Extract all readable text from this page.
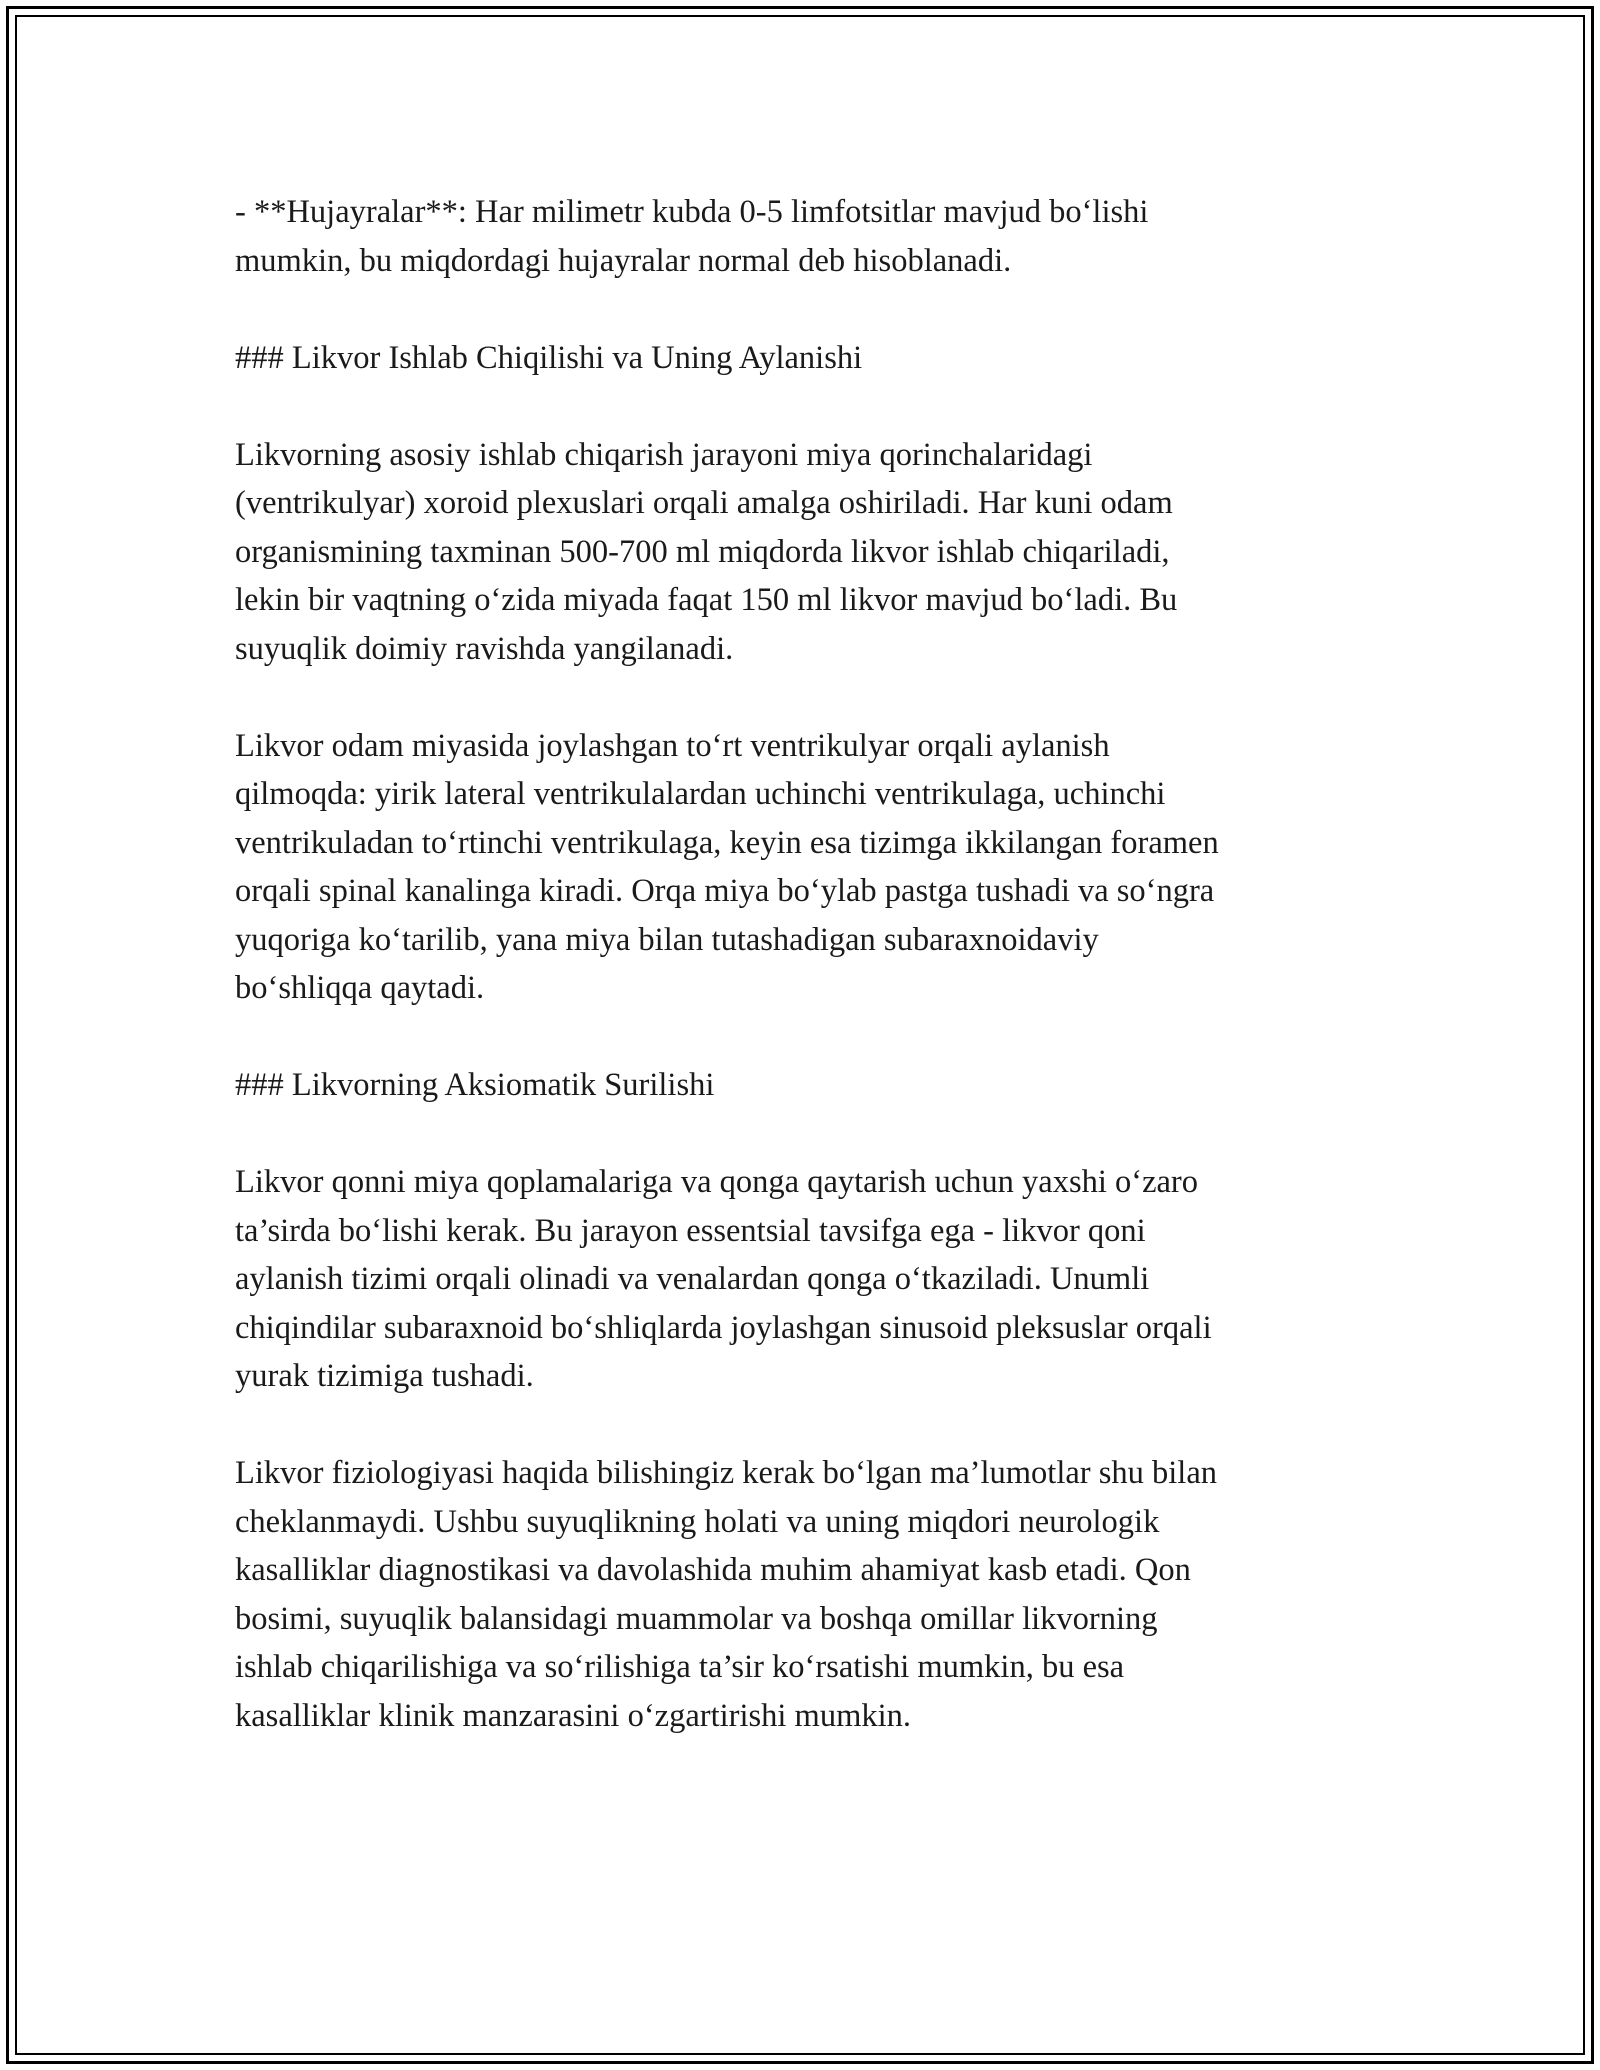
- **Hujayralar**: Har milimetr kubda 0-5 limfotsitlar mavjud bo‘lishi
mumkin, bu miqdordagi hujayralar normal deb hisoblanadi.

### Likvor Ishlab Chiqilishi va Uning Aylanishi

Likvorning asosiy ishlab chiqarish jarayoni miya qorinchalaridagi
(ventrikulyar) xoroid plexuslari orqali amalga oshiriladi. Har kuni odam
organismining taxminan 500-700 ml miqdorda likvor ishlab chiqariladi,
lekin bir vaqtning o‘zida miyada faqat 150 ml likvor mavjud bo‘ladi. Bu
suyuqlik doimiy ravishda yangilanadi.

Likvor odam miyasida joylashgan to‘rt ventrikulyar orqali aylanish
qilmoqda: yirik lateral ventrikulalardan uchinchi ventrikulaga, uchinchi
ventrikuladan to‘rtinchi ventrikulaga, keyin esa tizimga ikkilangan foramen
orqali spinal kanalinga kiradi. Orqa miya bo‘ylab pastga tushadi va so‘ngra
yuqoriga ko‘tarilib, yana miya bilan tutashadigan subaraxnoidaviy
bo‘shliqqa qaytadi.

### Likvorning Aksiomatik Surilishi

Likvor qonni miya qoplamalariga va qonga qaytarish uchun yaxshi o‘zaro
ta’sirda bo‘lishi kerak. Bu jarayon essentsial tavsifga ega - likvor qoni
aylanish tizimi orqali olinadi va venalardan qonga o‘tkaziladi. Unumli
chiqindilar subaraxnoid bo‘shliqlarda joylashgan sinusoid pleksuslar orqali
yurak tizimiga tushadi.

Likvor fiziologiyasi haqida bilishingiz kerak bo‘lgan ma’lumotlar shu bilan
cheklanmaydi. Ushbu suyuqlikning holati va uning miqdori neurologik
kasalliklar diagnostikasi va davolashida muhim ahamiyat kasb etadi. Qon
bosimi, suyuqlik balansidagi muammolar va boshqa omillar likvorning
ishlab chiqarilishiga va so‘rilishiga ta’sir ko‘rsatishi mumkin, bu esa
kasalliklar klinik manzarasini o‘zgartirishi mumkin.
